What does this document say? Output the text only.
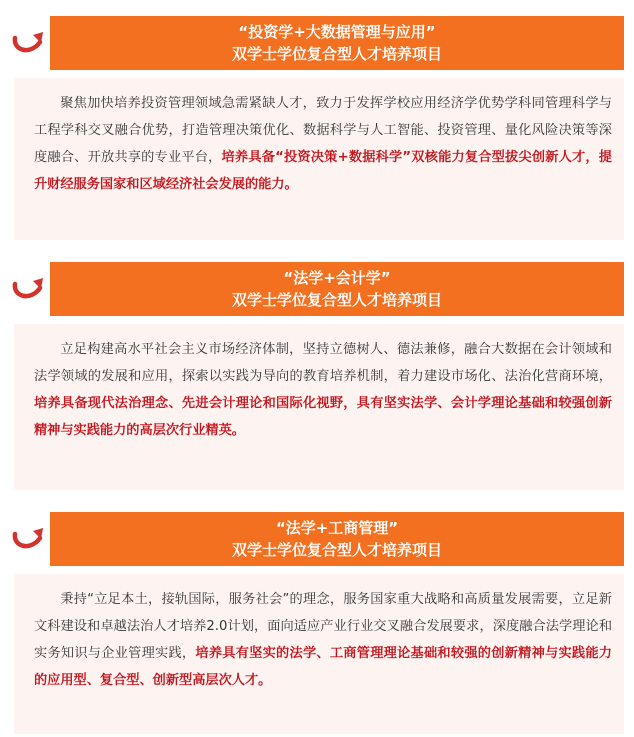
“投资学+大数据管理与应用”
双学士学位复合型人才培养项目
聚焦加快培养投资管理领域急需紧缺人才，致力于发挥学校应用经济学优势学科同管理科学与工程学科交叉融合优势，打造管理决策优化、数据科学与人工智能、投资管理、量化风险决策等深度融合、开放共享的专业平台，培养具备“投资决策+数据科学”双核能力复合型拔尖创新人才，提升财经服务国家和区域经济社会发展的能力。
“法学+会计学”
双学士学位复合型人才培养项目
立足构建高水平社会主义市场经济体制，坚持立德树人、德法兼修，融合大数据在会计领域和法学领域的发展和应用，探索以实践为导向的教育培养机制，着力建设市场化、法治化营商环境，培养具备现代法治理念、先进会计理论和国际化视野，具有坚实法学、会计学理论基础和较强创新精神与实践能力的高层次行业精英。
“法学+工商管理”
双学士学位复合型人才培养项目
秉持“立足本土，接轨国际，服务社会”的理念，服务国家重大战略和高质量发展需要，立足新文科建设和卓越法治人才培养2.0计划，面向适应产业行业交叉融合发展要求，深度融合法学理论和实务知识与企业管理实践，培养具有坚实的法学、工商管理理论基础和较强的创新精神与实践能力的应用型、复合型、创新型高层次人才。
